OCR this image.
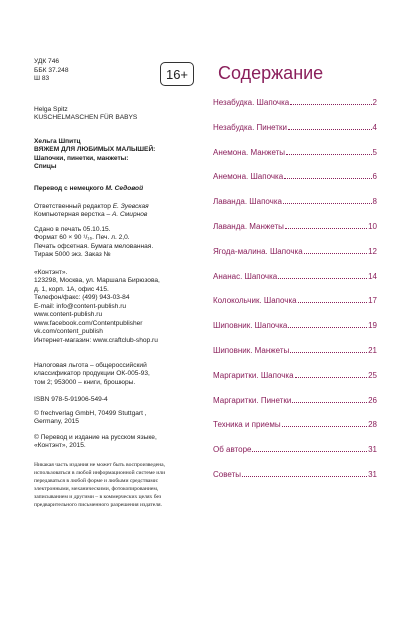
УДК 746
ББК 37.248
Ш 83	16+
Helga Spitz
KUSCHELMASCHEN FÜR BABYS
Хельга Шпитц
ВЯЖЕМ ДЛЯ ЛЮБИМЫХ МАЛЫШЕЙ:
Шапочки, пинетки, манжеты:
Спицы
Перевод с немецкого М. Седовой
Ответственный редактор Е. Зуевская
Компьютерная верстка – А. Смирнов
Сдано в печать 05.10.15.
Формат 60 × 90 ¹/₁₆. Печ. л. 2,0.
Печать офсетная. Бумага мелованная.
Тираж 5000 экз. Заказ №
«Контэнт».
123298, Москва, ул. Маршала Бирюзова,
д. 1, корп. 1А, офис 415.
Телефон/факс: (499) 943-03-84
E-mail: info@content-publish.ru
www.content-publish.ru
www.facebook.com/Contentpublisher
vk.com/content_publish
Интернет-магазин: www.craftclub-shop.ru
Налоговая льгота – общероссийский
классификатор продукции ОК-005-93,
том 2; 953000 – книги, брошюры.
ISBN 978-5-91906-549-4
© frechverlag GmbH, 70499 Stuttgart ,
Germany, 2015
© Перевод и издание на русском языке,
«Контэнт», 2015.
Никакая часть издания не может быть воспроизведена,
использоваться в любой информационной системе или
передаваться в любой форме и любыми средствами:
электронными, механическими, фотокопированием,
записыванием и другими – в коммерческих целях без
предварительного письменного разрешения издателя.
Содержание
Незабудка. Шапочка	2
Незабудка. Пинетки	4
Анемона. Манжеты	5
Анемона. Шапочка	6
Лаванда. Шапочка	8
Лаванда. Манжеты	10
Ягода-малина. Шапочка	12
Ананас. Шапочка	14
Колокольчик. Шапочка	17
Шиповник. Шапочка	19
Шиповник. Манжеты	21
Маргаритки. Шапочка	25
Маргаритки. Пинетки	26
Техника и приемы	28
Об авторе	31
Советы	31
